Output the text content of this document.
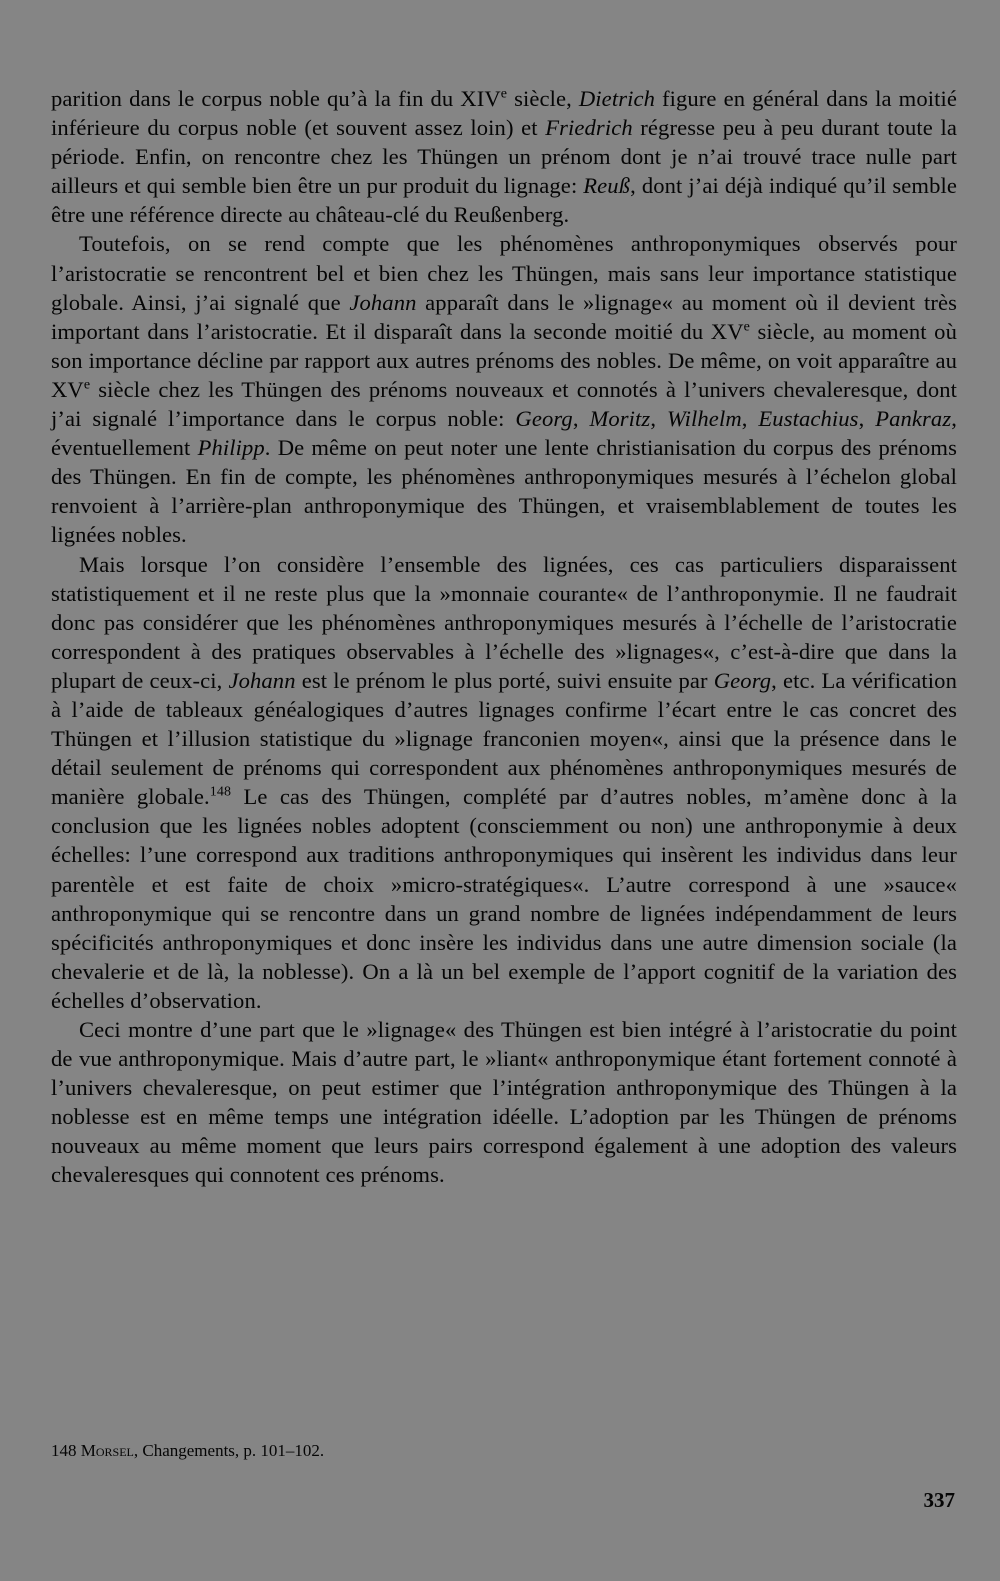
parition dans le corpus noble qu’à la fin du XIVe siècle, Dietrich figure en général dans la moitié inférieure du corpus noble (et souvent assez loin) et Friedrich régresse peu à peu durant toute la période. Enfin, on rencontre chez les Thüngen un prénom dont je n’ai trouvé trace nulle part ailleurs et qui semble bien être un pur produit du lignage: Reuß, dont j’ai déjà indiqué qu’il semble être une référence directe au château-clé du Reußenberg.

Toutefois, on se rend compte que les phénomènes anthroponymiques observés pour l’aristocratie se rencontrent bel et bien chez les Thüngen, mais sans leur importance statistique globale. Ainsi, j’ai signalé que Johann apparaît dans le »lignage« au moment où il devient très important dans l’aristocratie. Et il disparaît dans la seconde moitié du XVe siècle, au moment où son importance décline par rapport aux autres prénoms des nobles. De même, on voit apparaître au XVe siècle chez les Thüngen des prénoms nouveaux et connotés à l’univers chevaleresque, dont j’ai signalé l’importance dans le corpus noble: Georg, Moritz, Wilhelm, Eustachius, Pankraz, éventuellement Philipp. De même on peut noter une lente christianisation du corpus des prénoms des Thüngen. En fin de compte, les phénomènes anthroponymiques mesurés à l’échelon global renvoient à l’arrière-plan anthroponymique des Thüngen, et vraisemblablement de toutes les lignées nobles.

Mais lorsque l’on considère l’ensemble des lignées, ces cas particuliers disparaissent statistiquement et il ne reste plus que la »monnaie courante« de l’anthroponymie. Il ne faudrait donc pas considérer que les phénomènes anthroponymiques mesurés à l’échelle de l’aristocratie correspondent à des pratiques observables à l’échelle des »lignages«, c’est-à-dire que dans la plupart de ceux-ci, Johann est le prénom le plus porté, suivi ensuite par Georg, etc. La vérification à l’aide de tableaux généalogiques d’autres lignages confirme l’écart entre le cas concret des Thüngen et l’illusion statistique du »lignage franconien moyen«, ainsi que la présence dans le détail seulement de prénoms qui correspondent aux phénomènes anthroponymiques mesurés de manière globale.$^{148}$ Le cas des Thüngen, complété par d’autres nobles, m’amène donc à la conclusion que les lignées nobles adoptent (consciemment ou non) une anthroponymie à deux échelles: l’une correspond aux traditions anthroponymiques qui insèrent les individus dans leur parentèle et est faite de choix »micro-stratégiques«. L’autre correspond à une »sauce« anthroponymique qui se rencontre dans un grand nombre de lignées indépendamment de leurs spécificités anthroponymiques et donc insère les individus dans une autre dimension sociale (la chevalerie et de là, la noblesse). On a là un bel exemple de l’apport cognitif de la variation des échelles d’observation.

Ceci montre d’une part que le »lignage« des Thüngen est bien intégré à l’aristocratie du point de vue anthroponymique. Mais d’autre part, le »liant« anthroponymique étant fortement connoté à l’univers chevaleresque, on peut estimer que l’intégration anthroponymique des Thüngen à la noblesse est en même temps une intégration idéelle. L’adoption par les Thüngen de prénoms nouveaux au même moment que leurs pairs correspond également à une adoption des valeurs chevaleresques qui connotent ces prénoms.

148 Morsel, Changements, p. 101–102.
337
